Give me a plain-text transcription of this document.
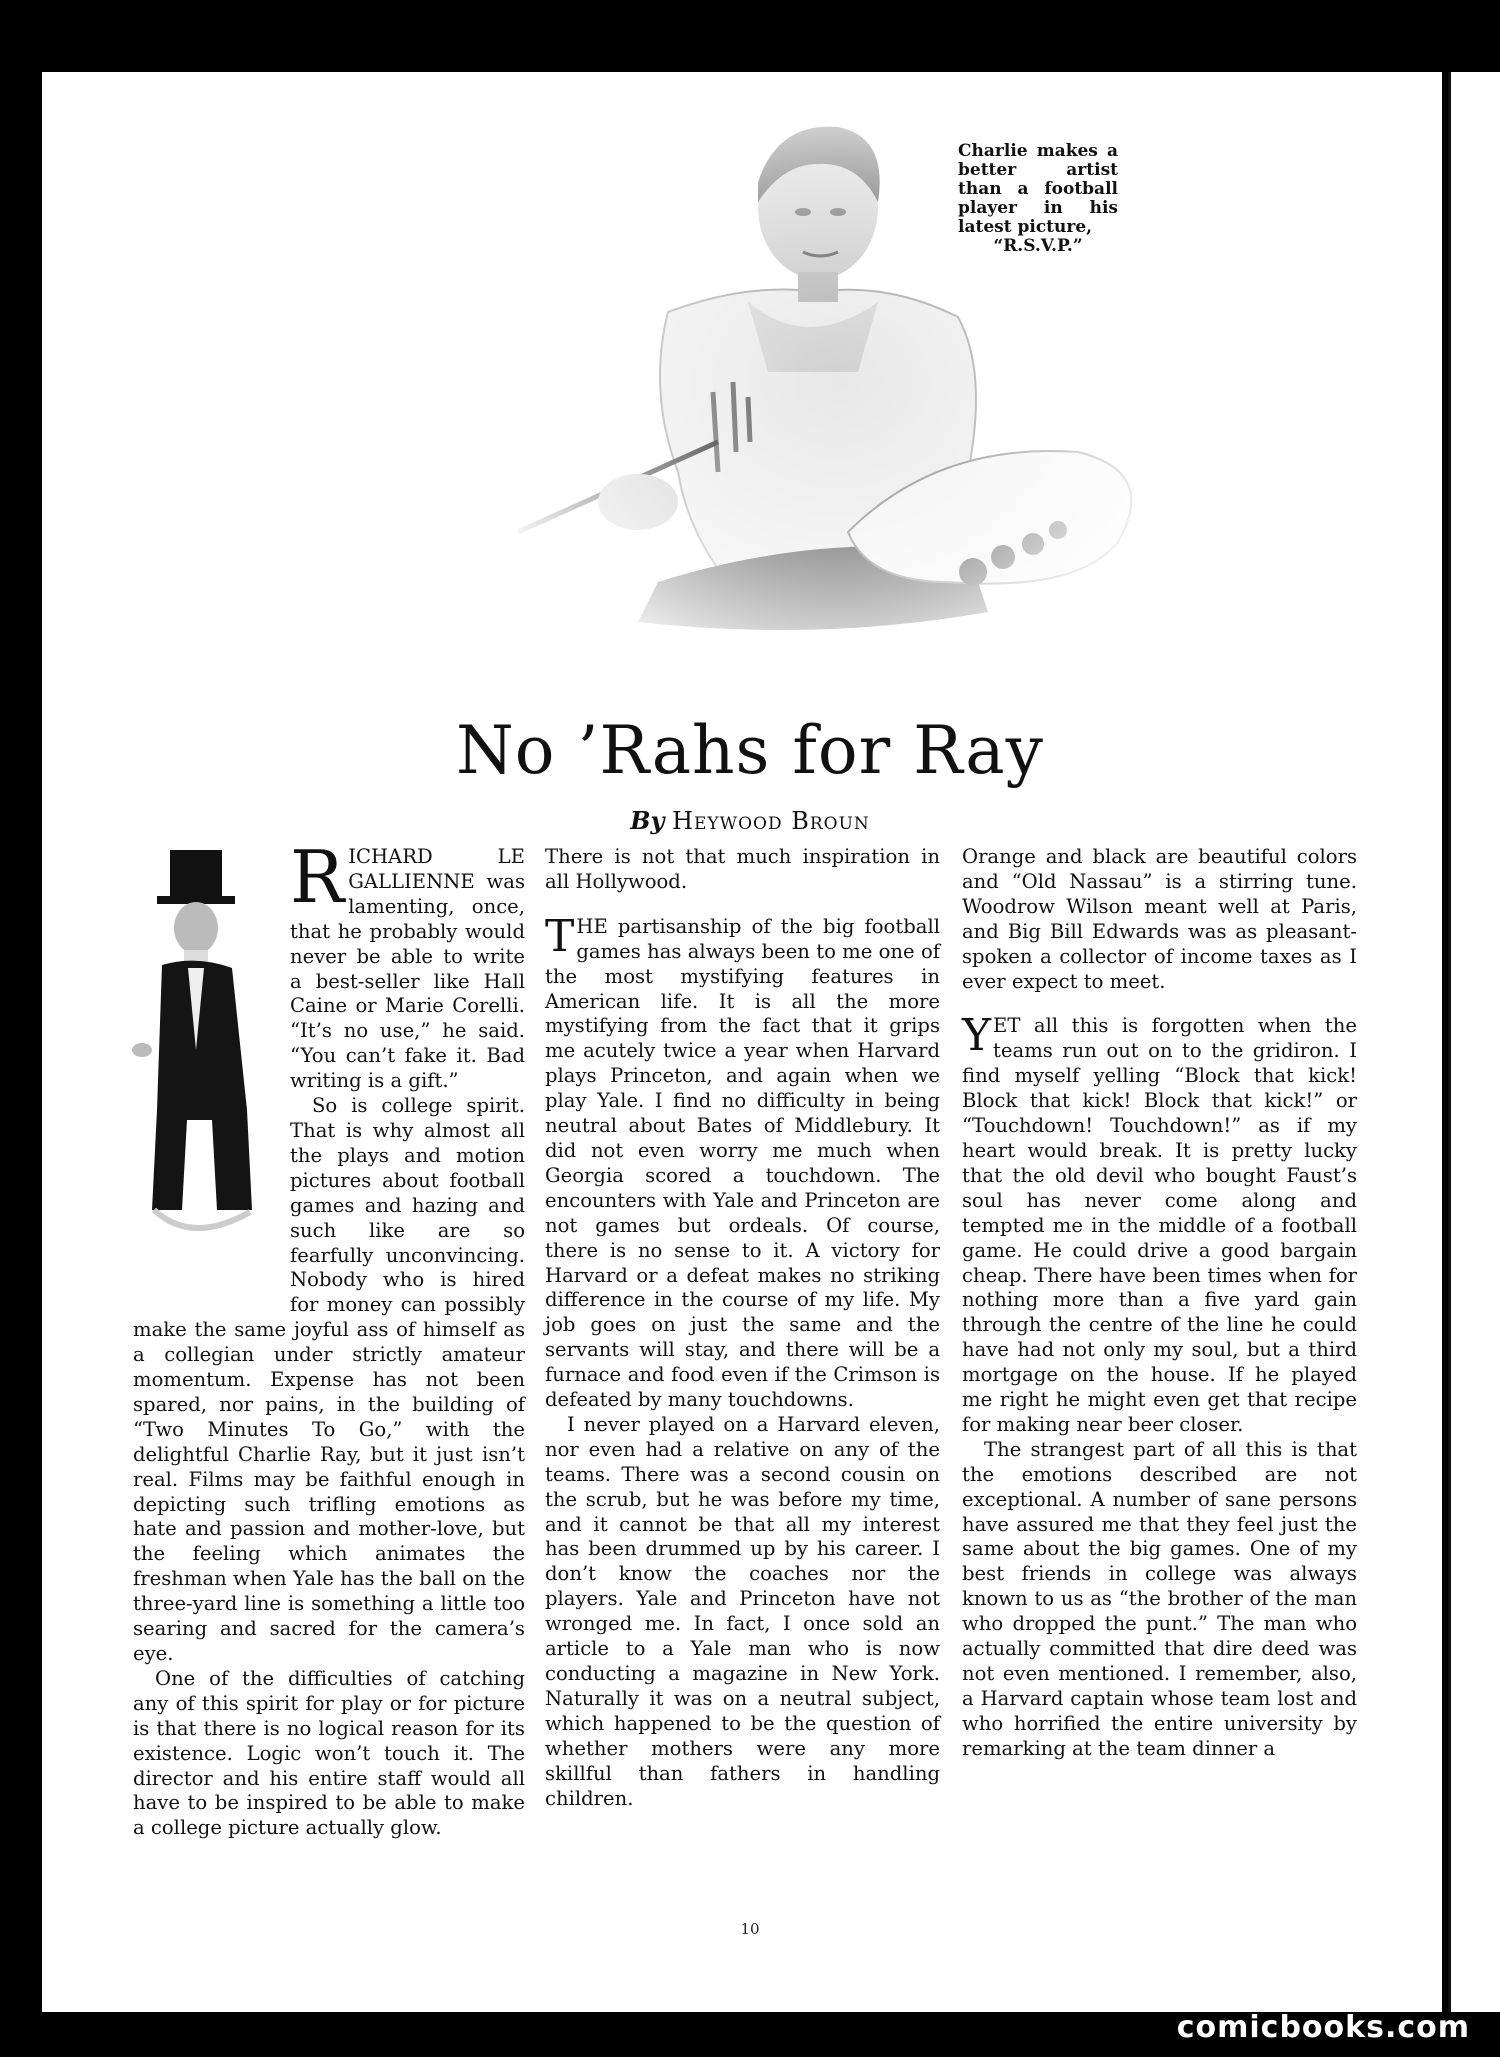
Charlie makes a better artist than a football player in his latest picture,
“R.S.V.P.”
No ’Rahs for Ray
By Heywood Broun

RICHARD LE GALLIENNE was lamenting, once, that he probably would never be able to write a best-seller like Hall Caine or Marie Corelli. “It’s no use,” he said. “You can’t fake it. Bad writing is a gift.”

So is college spirit. That is why almost all the plays and motion pictures about football games and hazing and such like are so fearfully unconvincing. Nobody who is hired for money can possibly make the same joyful ass of himself as a collegian under strictly amateur momentum. Expense has not been spared, nor pains, in the building of “Two Minutes To Go,” with the delightful Charlie Ray, but it just isn’t real. Films may be faithful enough in depicting such trifling emotions as hate and passion and mother-love, but the feeling which animates the freshman when Yale has the ball on the three-yard line is something a little too searing and sacred for the camera’s eye.

One of the difficulties of catching any of this spirit for play or for picture is that there is no logical reason for its existence. Logic won’t touch it. The director and his entire staff would all have to be inspired to be able to make a college picture actually glow.

There is not that much inspiration in all Hollywood.

THE partisanship of the big football games has always been to me one of the most mystifying features in American life. It is all the more mystifying from the fact that it grips me acutely twice a year when Harvard plays Princeton, and again when we play Yale. I find no difficulty in being neutral about Bates of Middlebury. It did not even worry me much when Georgia scored a touchdown. The encounters with Yale and Princeton are not games but ordeals. Of course, there is no sense to it. A victory for Harvard or a defeat makes no striking difference in the course of my life. My job goes on just the same and the servants will stay, and there will be a furnace and food even if the Crimson is defeated by many touchdowns.

I never played on a Harvard eleven, nor even had a relative on any of the teams. There was a second cousin on the scrub, but he was before my time, and it cannot be that all my interest has been drummed up by his career. I don’t know the coaches nor the players. Yale and Princeton have not wronged me. In fact, I once sold an article to a Yale man who is now conducting a magazine in New York. Naturally it was on a neutral subject, which happened to be the question of whether mothers were any more skillful than fathers in handling children.

Orange and black are beautiful colors and “Old Nassau” is a stirring tune. Woodrow Wilson meant well at Paris, and Big Bill Edwards was as pleasant-spoken a collector of income taxes as I ever expect to meet.

YET all this is forgotten when the teams run out on to the gridiron. I find myself yelling “Block that kick! Block that kick! Block that kick!” or “Touchdown! Touchdown!” as if my heart would break. It is pretty lucky that the old devil who bought Faust’s soul has never come along and tempted me in the middle of a football game. He could drive a good bargain cheap. There have been times when for nothing more than a five yard gain through the centre of the line he could have had not only my soul, but a third mortgage on the house. If he played me right he might even get that recipe for making near beer closer.

The strangest part of all this is that the emotions described are not exceptional. A number of sane persons have assured me that they feel just the same about the big games. One of my best friends in college was always known to us as “the brother of the man who dropped the punt.” The man who actually committed that dire deed was not even mentioned. I remember, also, a Harvard captain whose team lost and who horrified the entire university by remarking at the team dinner a

10
comicbooks.com
